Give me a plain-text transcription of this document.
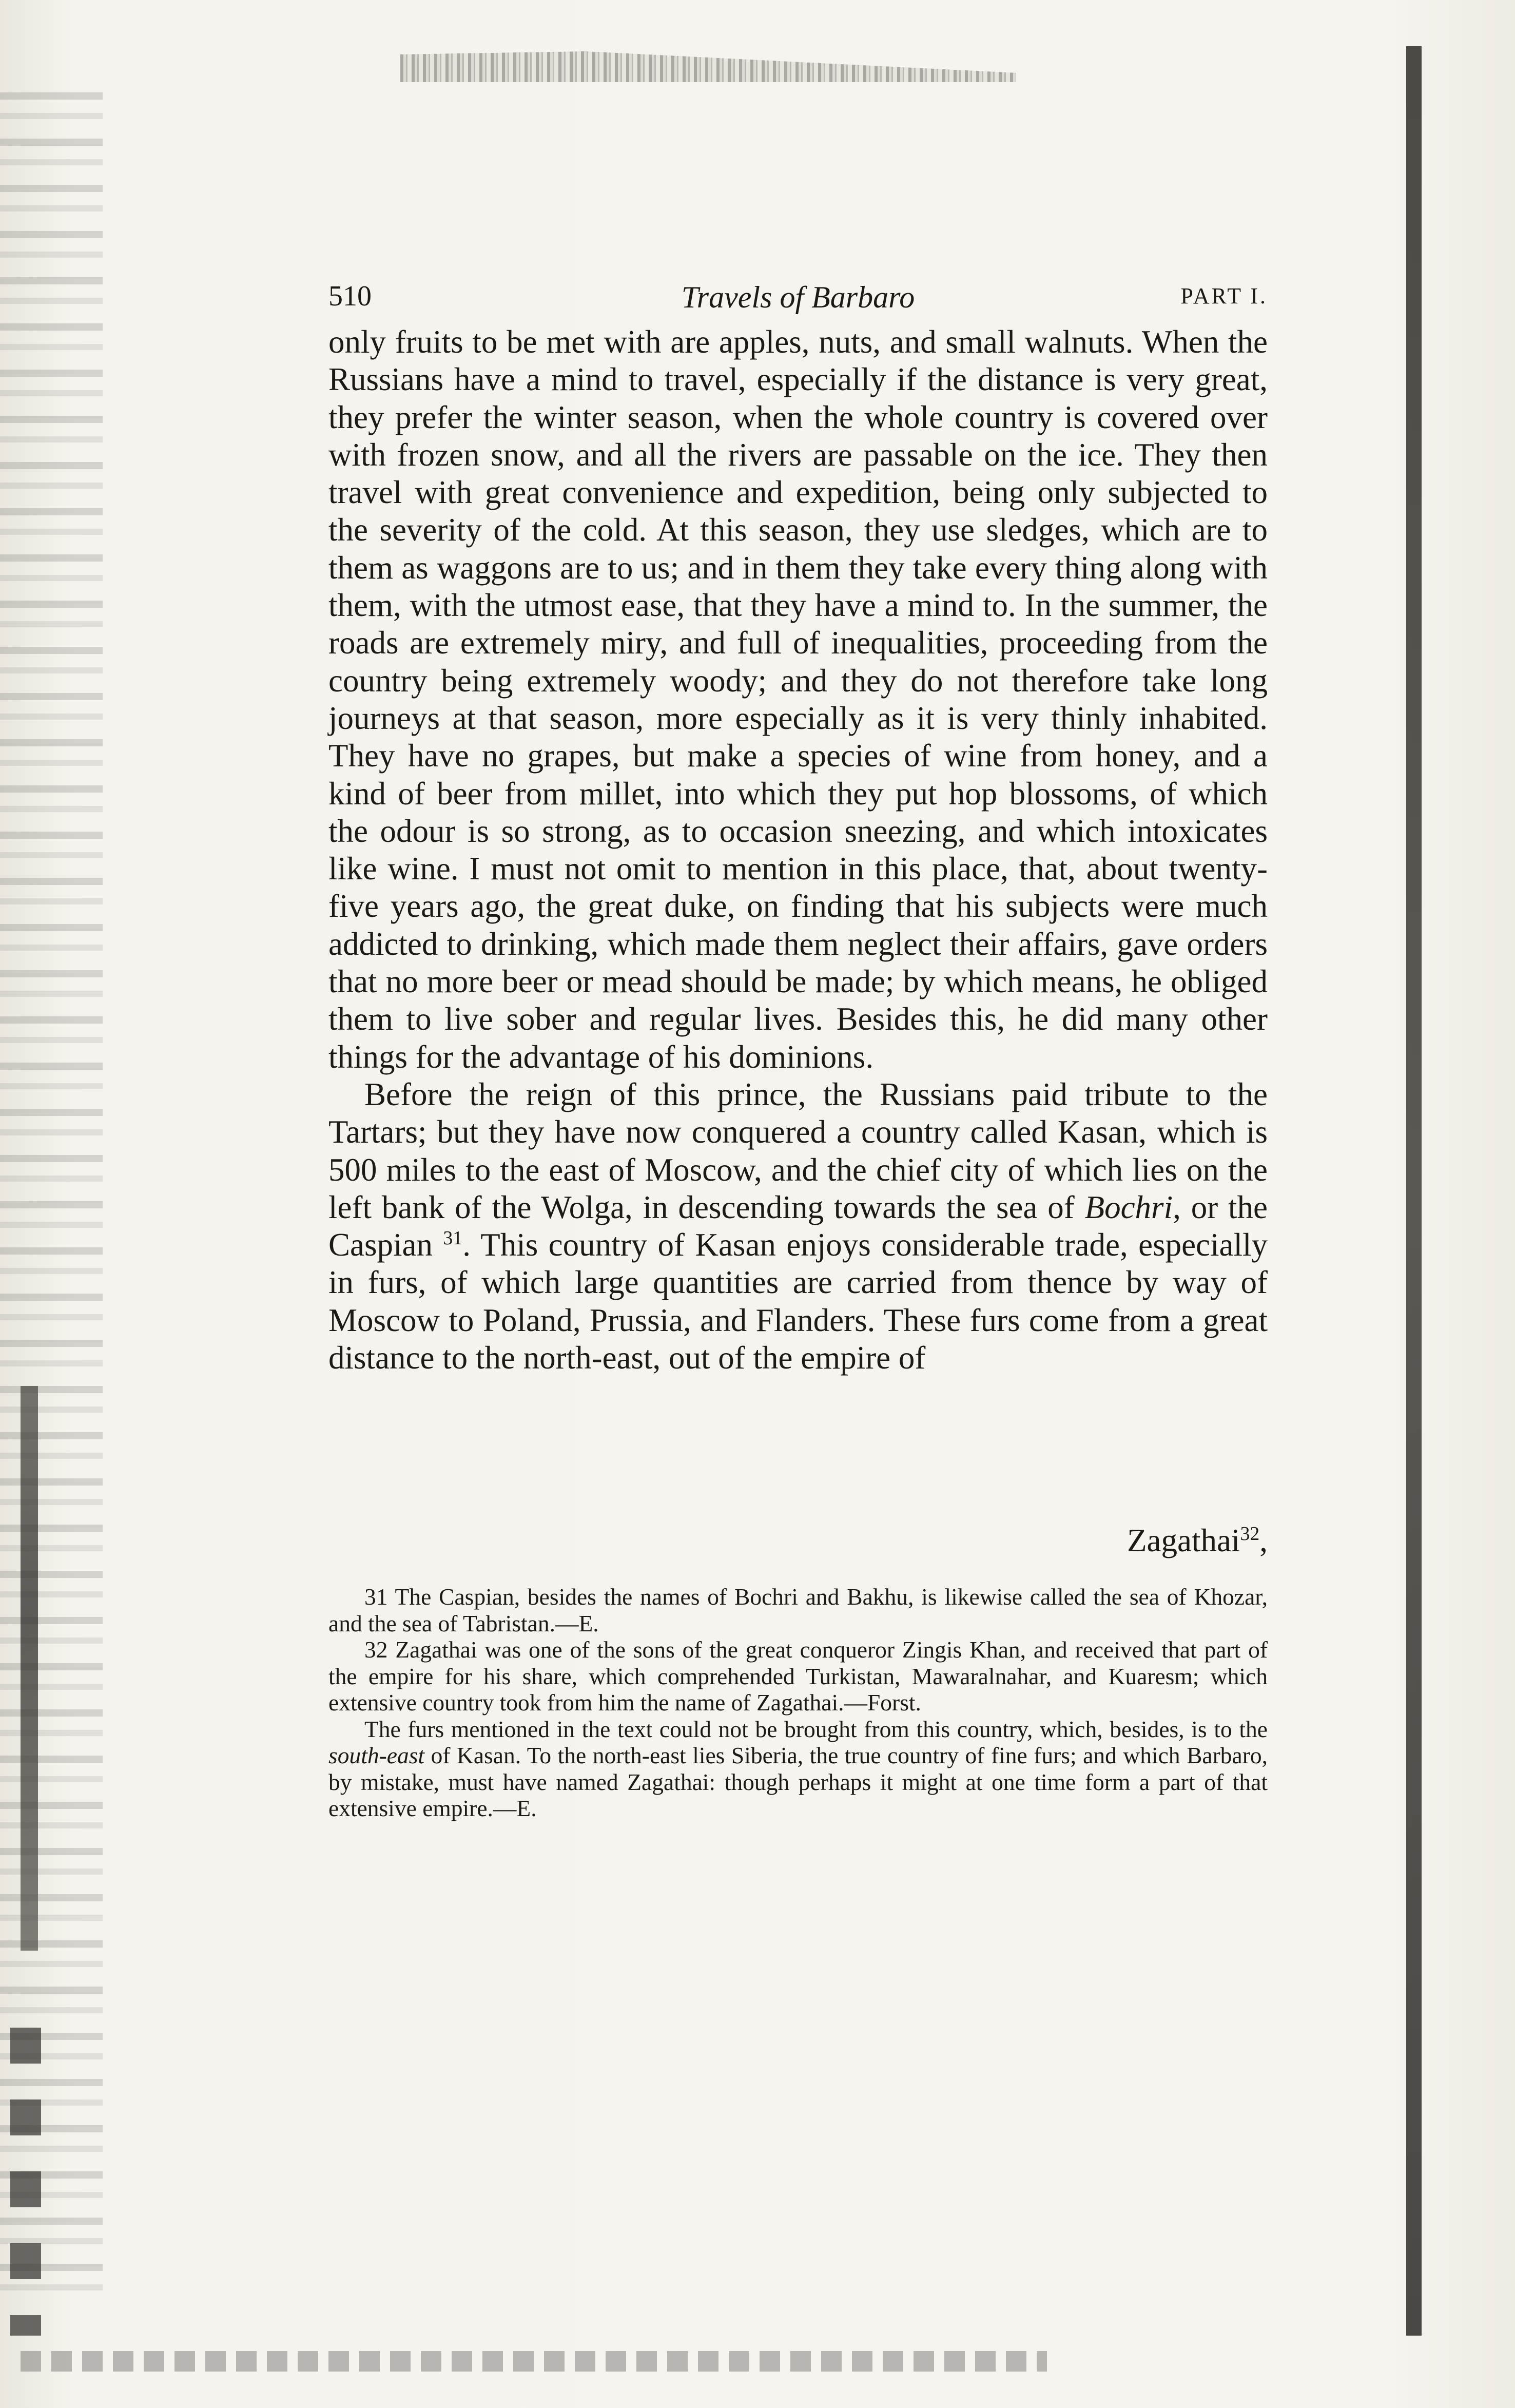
510	Travels of Barbaro	PART I.

only fruits to be met with are apples, nuts, and small walnuts. When the Russians have a mind to travel, especially if the distance is very great, they prefer the winter season, when the whole country is covered over with frozen snow, and all the rivers are passable on the ice. They then travel with great convenience and expedition, being only subjected to the severity of the cold. At this season, they use sledges, which are to them as waggons are to us; and in them they take every thing along with them, with the utmost ease, that they have a mind to. In the summer, the roads are extremely miry, and full of inequalities, proceeding from the country being extremely woody; and they do not therefore take long journeys at that season, more especially as it is very thinly inhabited. They have no grapes, but make a species of wine from honey, and a kind of beer from millet, into which they put hop blossoms, of which the odour is so strong, as to occasion sneezing, and which intoxicates like wine. I must not omit to mention in this place, that, about twenty-five years ago, the great duke, on finding that his subjects were much addicted to drinking, which made them neglect their affairs, gave orders that no more beer or mead should be made; by which means, he obliged them to live sober and regular lives. Besides this, he did many other things for the advantage of his dominions.

Before the reign of this prince, the Russians paid tribute to the Tartars; but they have now conquered a country called Kasan, which is 500 miles to the east of Moscow, and the chief city of which lies on the left bank of the Wolga, in descending towards the sea of Bochri, or the Caspian $^{31}$. This country of Kasan enjoys considerable trade, especially in furs, of which large quantities are carried from thence by way of Moscow to Poland, Prussia, and Flanders. These furs come from a great distance to the north-east, out of the empire of

Zagathai$^{32}$,

31 The Caspian, besides the names of Bochri and Bakhu, is likewise called the sea of Khozar, and the sea of Tabristan.—E.

32 Zagathai was one of the sons of the great conqueror Zingis Khan, and received that part of the empire for his share, which comprehended Turkistan, Mawaralnahar, and Kuaresm; which extensive country took from him the name of Zagathai.—Forst.

The furs mentioned in the text could not be brought from this country, which, besides, is to the south-east of Kasan. To the north-east lies Siberia, the true country of fine furs; and which Barbaro, by mistake, must have named Zagathai: though perhaps it might at one time form a part of that extensive empire.—E.
